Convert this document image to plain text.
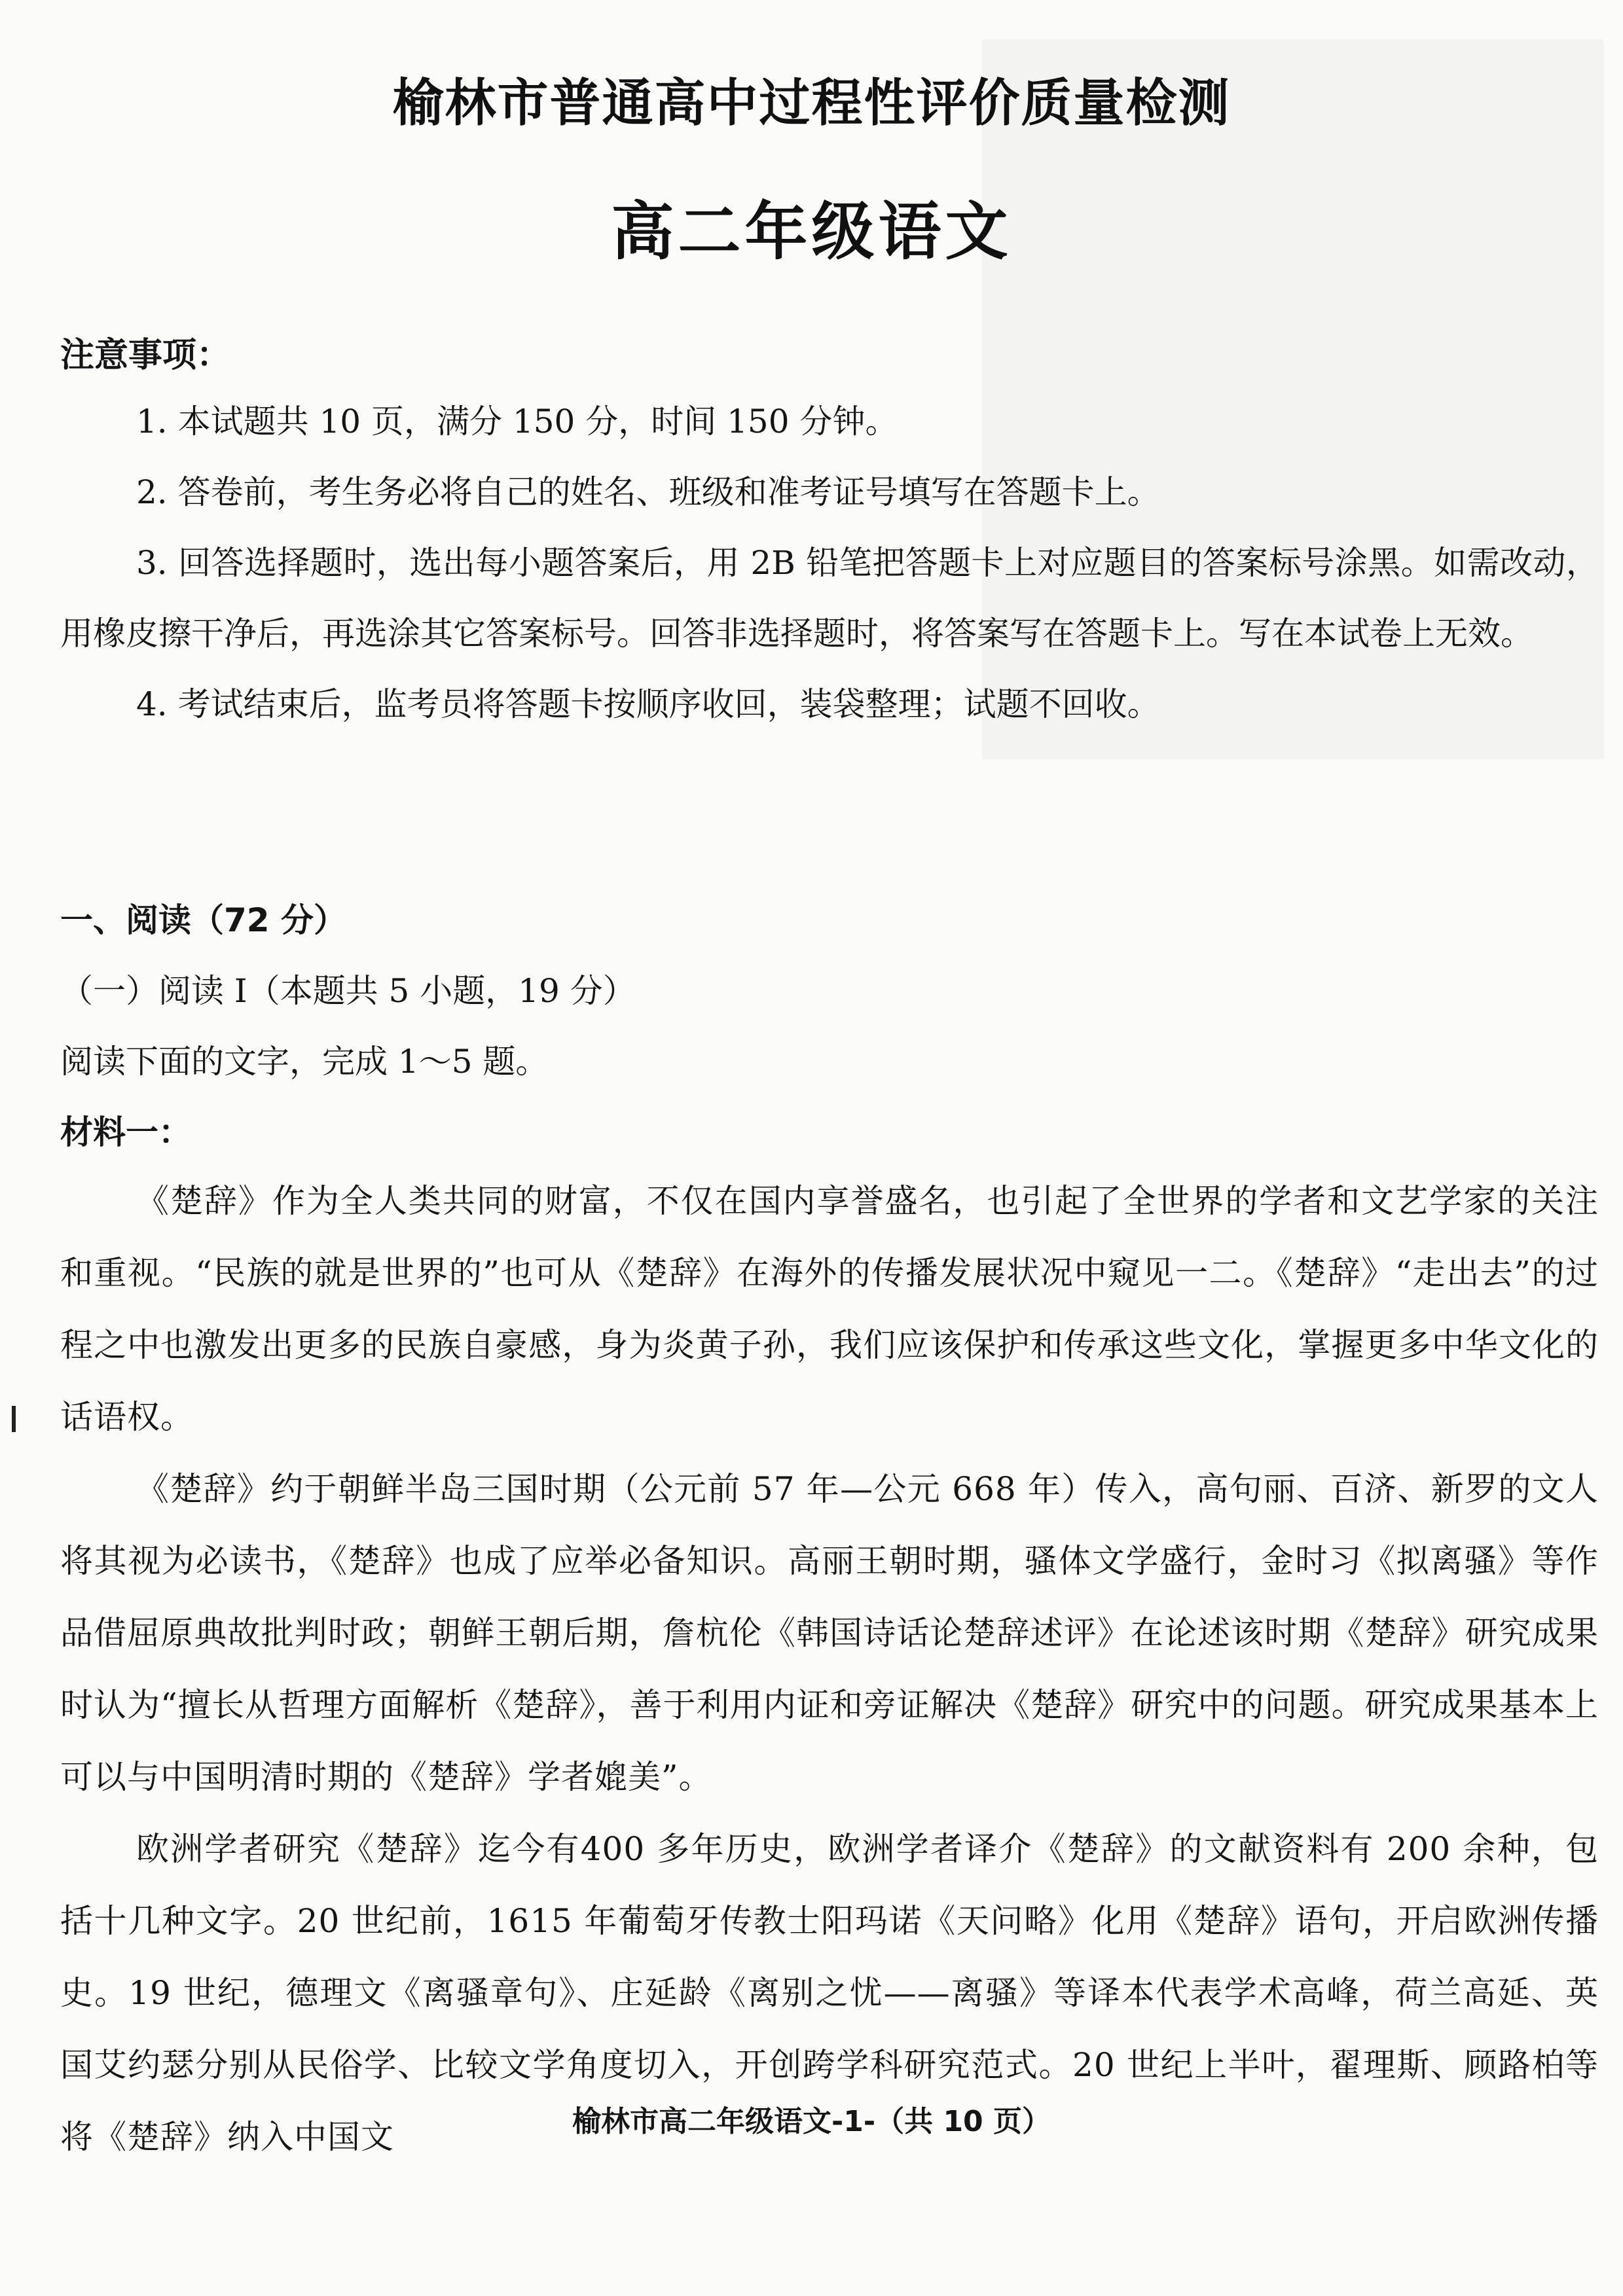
榆林市普通高中过程性评价质量检测
高二年级语文
注意事项：
1. 本试题共 10 页，满分 150 分，时间 150 分钟。
2. 答卷前，考生务必将自己的姓名、班级和准考证号填写在答题卡上。
3. 回答选择题时，选出每小题答案后，用 2B 铅笔把答题卡上对应题目的答案标号涂黑。如需改动，用橡皮擦干净后，再选涂其它答案标号。回答非选择题时，将答案写在答题卡上。写在本试卷上无效。
4. 考试结束后，监考员将答题卡按顺序收回，装袋整理；试题不回收。
一、阅读（72 分）
（一）阅读 Ⅰ（本题共 5 小题，19 分）
阅读下面的文字，完成 1～5 题。
材料一：

《楚辞》作为全人类共同的财富，不仅在国内享誉盛名，也引起了全世界的学者和文艺学家的关注和重视。“民族的就是世界的”也可从《楚辞》在海外的传播发展状况中窥见一二。《楚辞》“走出去”的过程之中也激发出更多的民族自豪感，身为炎黄子孙，我们应该保护和传承这些文化，掌握更多中华文化的话语权。

《楚辞》约于朝鲜半岛三国时期（公元前 57 年—公元 668 年）传入，高句丽、百济、新罗的文人将其视为必读书，《楚辞》也成了应举必备知识。高丽王朝时期，骚体文学盛行，金时习《拟离骚》等作品借屈原典故批判时政；朝鲜王朝后期，詹杭伦《韩国诗话论楚辞述评》在论述该时期《楚辞》研究成果时认为“擅长从哲理方面解析《楚辞》，善于利用内证和旁证解决《楚辞》研究中的问题。研究成果基本上可以与中国明清时期的《楚辞》学者媲美”。

欧洲学者研究《楚辞》迄今有400 多年历史，欧洲学者译介《楚辞》的文献资料有 200 余种，包括十几种文字。20 世纪前，1615 年葡萄牙传教士阳玛诺《天问略》化用《楚辞》语句，开启欧洲传播史。19 世纪，德理文《离骚章句》、庄延龄《离别之忧——离骚》等译本代表学术高峰，荷兰高延、英国艾约瑟分别从民俗学、比较文学角度切入，开创跨学科研究范式。20 世纪上半叶，翟理斯、顾路柏等将《楚辞》纳入中国文	榆林市高二年级语文-1-（共 10 页）
